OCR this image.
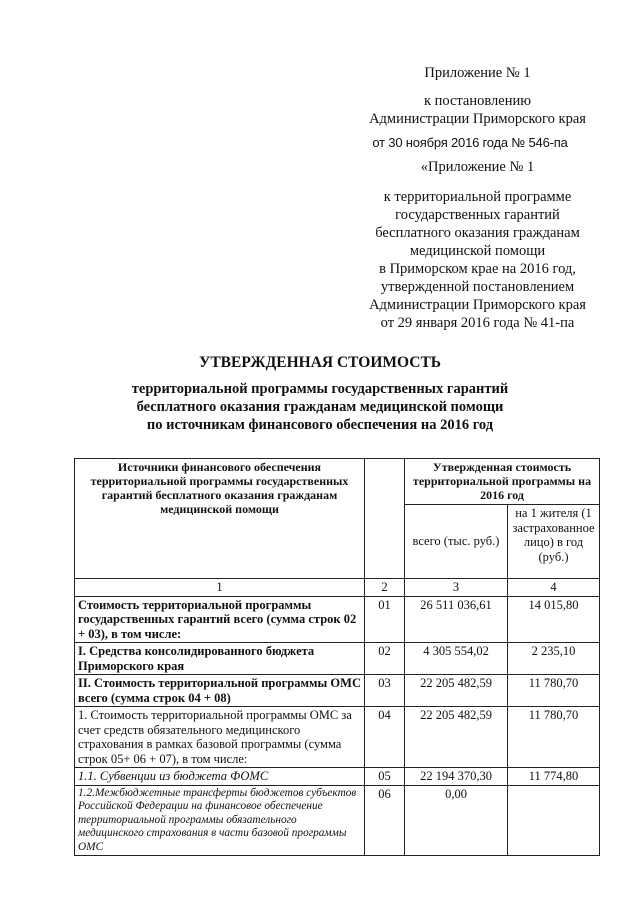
Приложение № 1
к постановлению
Администрации Приморского края
от 30 ноября 2016 года № 546-па
«Приложение № 1
к территориальной программе
государственных гарантий
бесплатного оказания гражданам
медицинской помощи
в Приморском крае на 2016 год,
утвержденной постановлением
Администрации Приморского края
от 29 января 2016 года № 41-па
УТВЕРЖДЕННАЯ СТОИМОСТЬ
территориальной программы государственных гарантий
бесплатного оказания гражданам медицинской помощи
по источникам финансового обеспечения на 2016 год
Источники финансового обеспечения территориальной программы государственных гарантий бесплатного оказания гражданам медицинской помощи		Утвержденная стоимость территориальной программы на 2016 год	
		всего (тыс. руб.)	на 1 жителя (1 застрахованное лицо) в год (руб.)
1	2	3	4
Стоимость территориальной программы государственных гарантий всего (сумма строк 02 + 03), в том числе:	01	26 511 036,61	14 015,80
I. Средства консолидированного бюджета Приморского края	02	4 305 554,02	2 235,10
II. Стоимость территориальной программы ОМС всего (сумма строк 04 + 08)	03	22 205 482,59	11 780,70
1. Стоимость территориальной программы ОМС за счет средств обязательного медицинского страхования в рамках базовой программы (сумма строк 05+ 06 + 07), в том числе:	04	22 205 482,59	11 780,70
1.1. Субвенции из бюджета ФОМС	05	22 194 370,30	11 774,80
1.2.Межбюджетные трансферты бюджетов субъектов Российской Федерации на финансовое обеспечение территориальной программы обязательного медицинского страхования в части базовой программы ОМС	06	0,00	
